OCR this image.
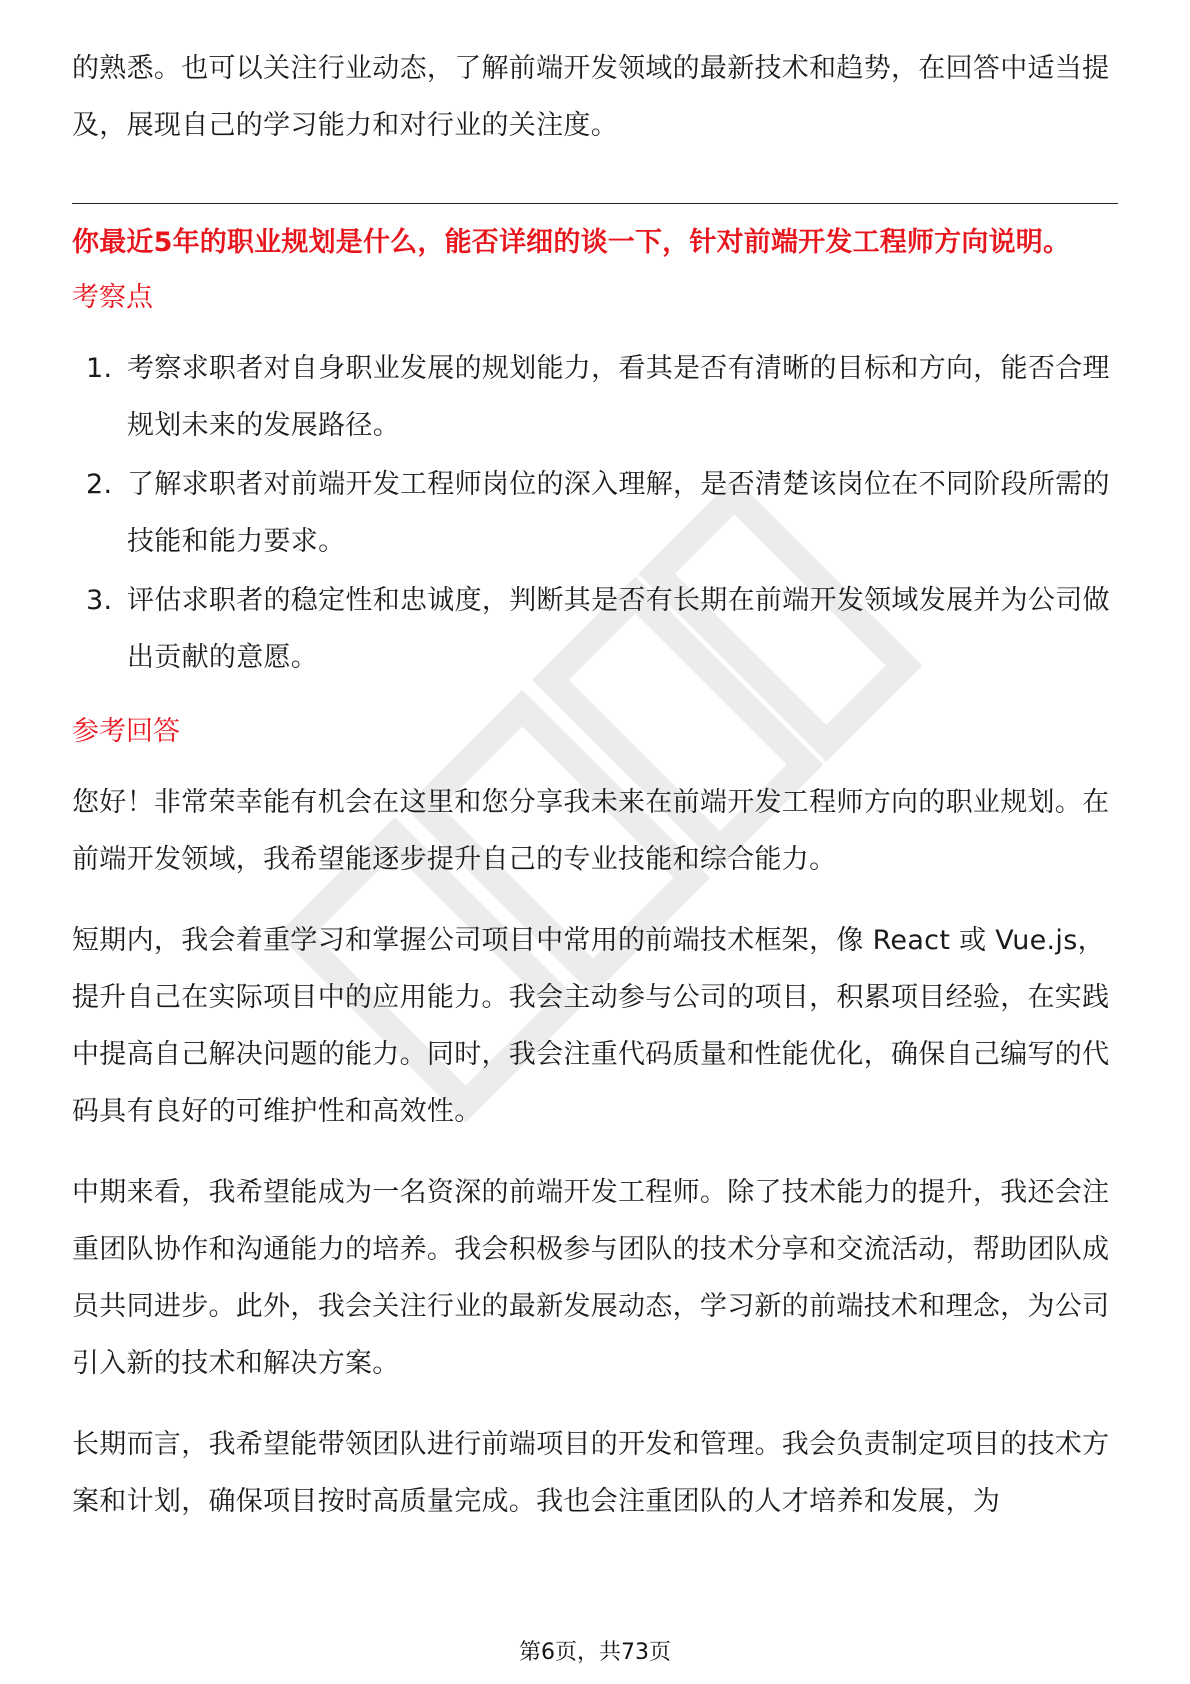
的熟悉。也可以关注行业动态，了解前端开发领域的最新技术和趋势，在回答中适当提及，展现自己的学习能力和对行业的关注度。

你最近5年的职业规划是什么，能否详细的谈一下，针对前端开发工程师方向说明。

考察点

1. 考察求职者对自身职业发展的规划能力，看其是否有清晰的目标和方向，能否合理规划未来的发展路径。
2. 了解求职者对前端开发工程师岗位的深入理解，是否清楚该岗位在不同阶段所需的技能和能力要求。
3. 评估求职者的稳定性和忠诚度，判断其是否有长期在前端开发领域发展并为公司做出贡献的意愿。

参考回答

您好！非常荣幸能有机会在这里和您分享我未来在前端开发工程师方向的职业规划。在前端开发领域，我希望能逐步提升自己的专业技能和综合能力。

短期内，我会着重学习和掌握公司项目中常用的前端技术框架，像 React 或 Vue.js，提升自己在实际项目中的应用能力。我会主动参与公司的项目，积累项目经验，在实践中提高自己解决问题的能力。同时，我会注重代码质量和性能优化，确保自己编写的代码具有良好的可维护性和高效性。

中期来看，我希望能成为一名资深的前端开发工程师。除了技术能力的提升，我还会注重团队协作和沟通能力的培养。我会积极参与团队的技术分享和交流活动，帮助团队成员共同进步。此外，我会关注行业的最新发展动态，学习新的前端技术和理念，为公司引入新的技术和解决方案。

长期而言，我希望能带领团队进行前端项目的开发和管理。我会负责制定项目的技术方案和计划，确保项目按时高质量完成。我也会注重团队的人才培养和发展，为

第6页，共73页
